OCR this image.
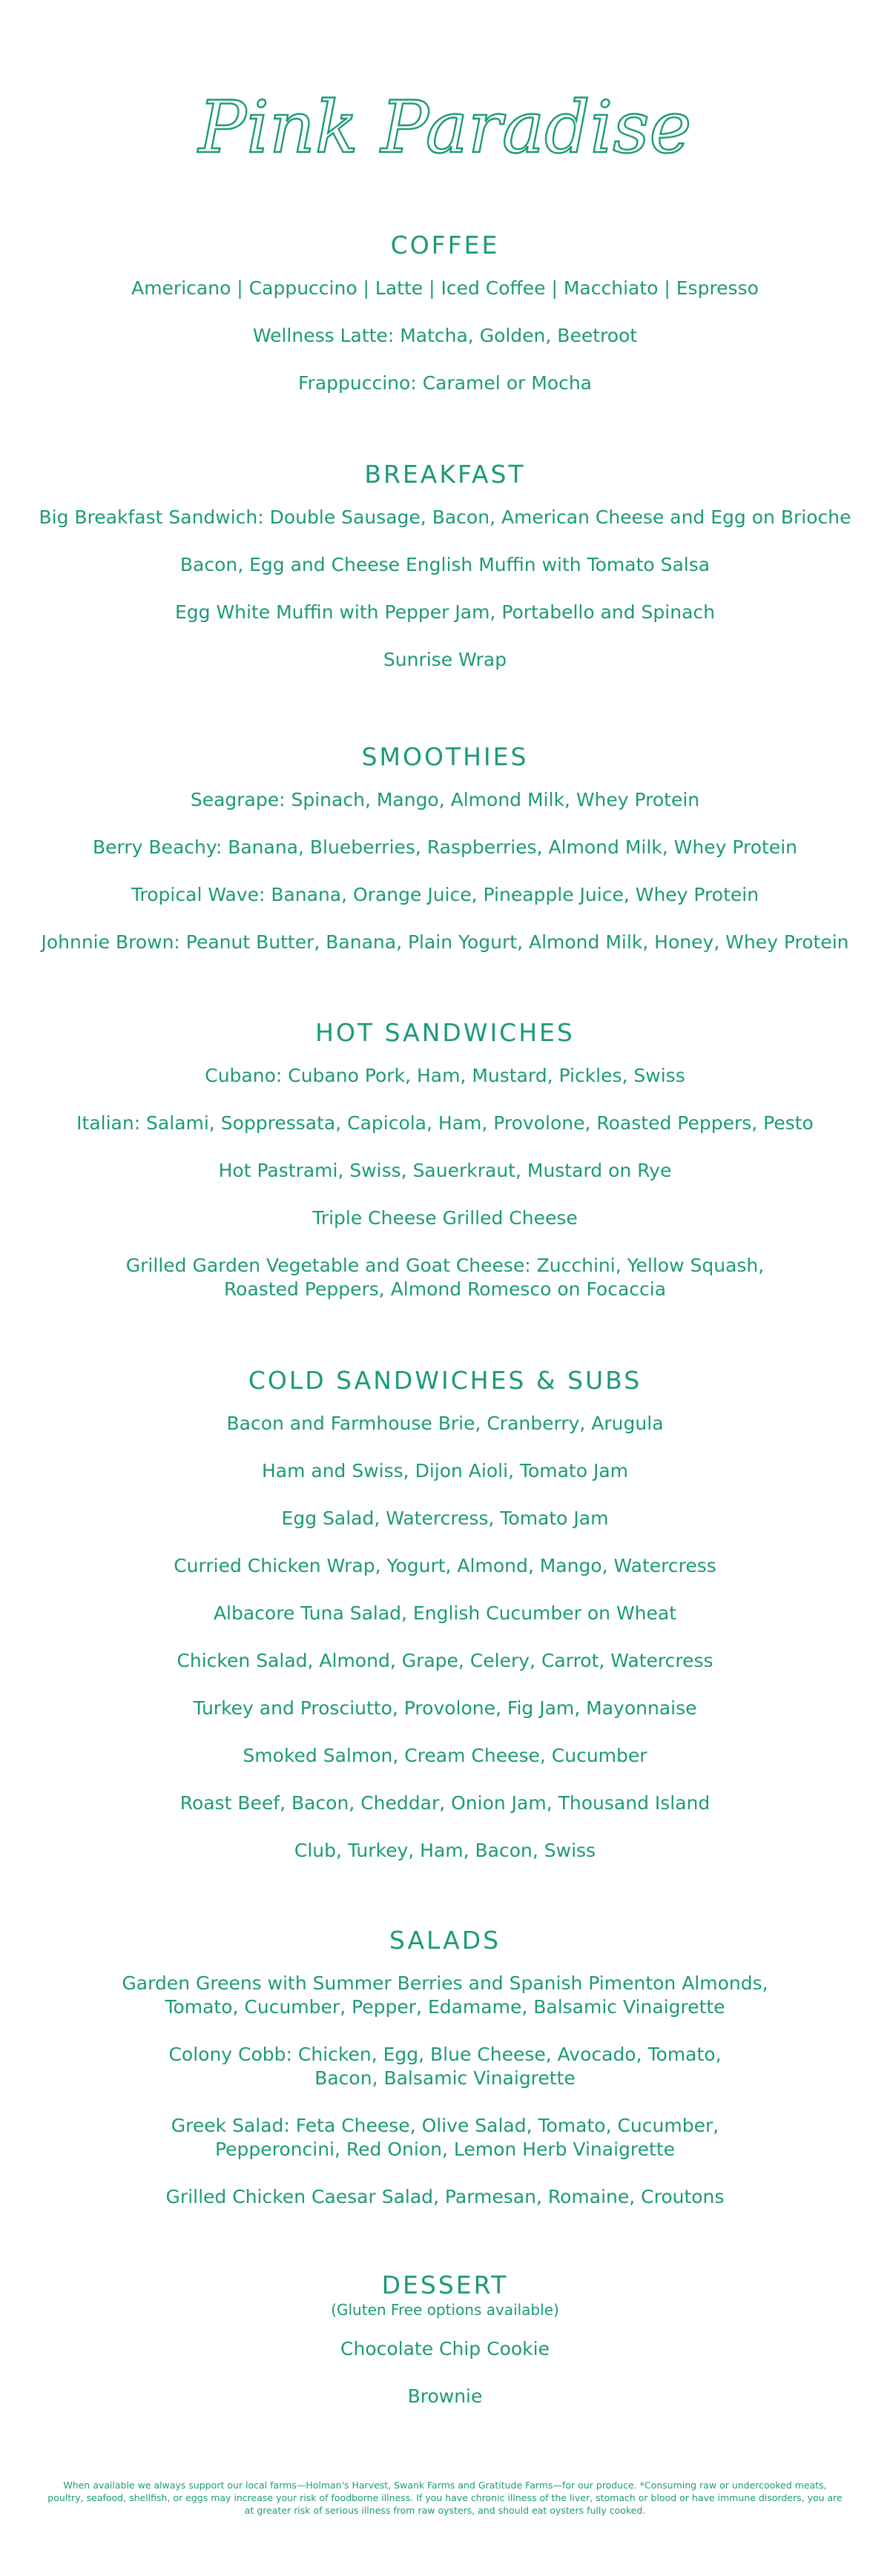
Pink Paradise
COFFEE
Americano | Cappuccino | Latte | Iced Coffee | Macchiato | Espresso
Wellness Latte: Matcha, Golden, Beetroot
Frappuccino: Caramel or Mocha
BREAKFAST
Big Breakfast Sandwich: Double Sausage, Bacon, American Cheese and Egg on Brioche
Bacon, Egg and Cheese English Muffin with Tomato Salsa
Egg White Muffin with Pepper Jam, Portabello and Spinach
Sunrise Wrap
SMOOTHIES
Seagrape: Spinach, Mango, Almond Milk, Whey Protein
Berry Beachy: Banana, Blueberries, Raspberries, Almond Milk, Whey Protein
Tropical Wave: Banana, Orange Juice, Pineapple Juice, Whey Protein
Johnnie Brown: Peanut Butter, Banana, Plain Yogurt, Almond Milk, Honey, Whey Protein
HOT SANDWICHES
Cubano: Cubano Pork, Ham, Mustard, Pickles, Swiss
Italian: Salami, Soppressata, Capicola, Ham, Provolone, Roasted Peppers, Pesto
Hot Pastrami, Swiss, Sauerkraut, Mustard on Rye
Triple Cheese Grilled Cheese
Grilled Garden Vegetable and Goat Cheese: Zucchini, Yellow Squash,
Roasted Peppers, Almond Romesco on Focaccia
COLD SANDWICHES & SUBS
Bacon and Farmhouse Brie, Cranberry, Arugula
Ham and Swiss, Dijon Aioli, Tomato Jam
Egg Salad, Watercress, Tomato Jam
Curried Chicken Wrap, Yogurt, Almond, Mango, Watercress
Albacore Tuna Salad, English Cucumber on Wheat
Chicken Salad, Almond, Grape, Celery, Carrot, Watercress
Turkey and Prosciutto, Provolone, Fig Jam, Mayonnaise
Smoked Salmon, Cream Cheese, Cucumber
Roast Beef, Bacon, Cheddar, Onion Jam, Thousand Island
Club, Turkey, Ham, Bacon, Swiss
SALADS
Garden Greens with Summer Berries and Spanish Pimenton Almonds,
Tomato, Cucumber, Pepper, Edamame, Balsamic Vinaigrette
Colony Cobb: Chicken, Egg, Blue Cheese, Avocado, Tomato,
Bacon, Balsamic Vinaigrette
Greek Salad: Feta Cheese, Olive Salad, Tomato, Cucumber,
Pepperoncini, Red Onion, Lemon Herb Vinaigrette
Grilled Chicken Caesar Salad, Parmesan, Romaine, Croutons
DESSERT

(Gluten Free options available)

Chocolate Chip Cookie
Brownie
When available we always support our local farms—Holman's Harvest, Swank Farms and Gratitude Farms—for our produce. *Consuming raw or undercooked meats, poultry, seafood, shellfish, or eggs may increase your risk of foodborne illness. If you have chronic illness of the liver, stomach or blood or have immune disorders, you are at greater risk of serious illness from raw oysters, and should eat oysters fully cooked.
